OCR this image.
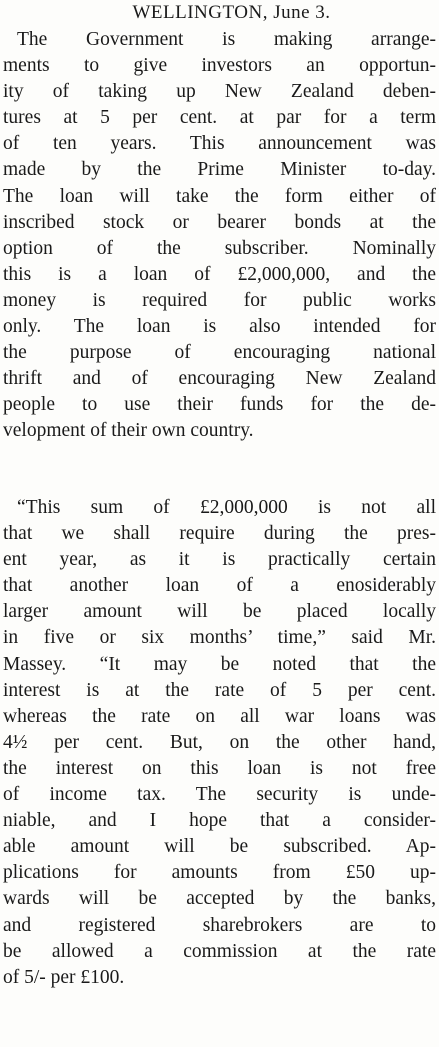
WELLINGTON, June 3.
The Government is making arrange-
ments to give investors an opportun-
ity of taking up New Zealand deben-
tures at 5 per cent. at par for a term
of ten years. This announcement was
made by the Prime Minister to-day.
The loan will take the form either of
inscribed stock or bearer bonds at the
option of the subscriber. Nominally
this is a loan of £2,000,000, and the
money is required for public works
only. The loan is also intended for
the purpose of encouraging national
thrift and of encouraging New Zealand
people to use their funds for the de-
velopment of their own country.
“This sum of £2,000,000 is not all
that we shall require during the pres-
ent year, as it is practically certain
that another loan of a enosiderably
larger amount will be placed locally
in five or six months’ time,” said Mr.
Massey. “It may be noted that the
interest is at the rate of 5 per cent.
whereas the rate on all war loans was
4½ per cent. But, on the other hand,
the interest on this loan is not free
of income tax. The security is unde-
niable, and I hope that a consider-
able amount will be subscribed. Ap-
plications for amounts from £50 up-
wards will be accepted by the banks,
and registered sharebrokers are to
be allowed a commission at the rate
of 5/- per £100.
